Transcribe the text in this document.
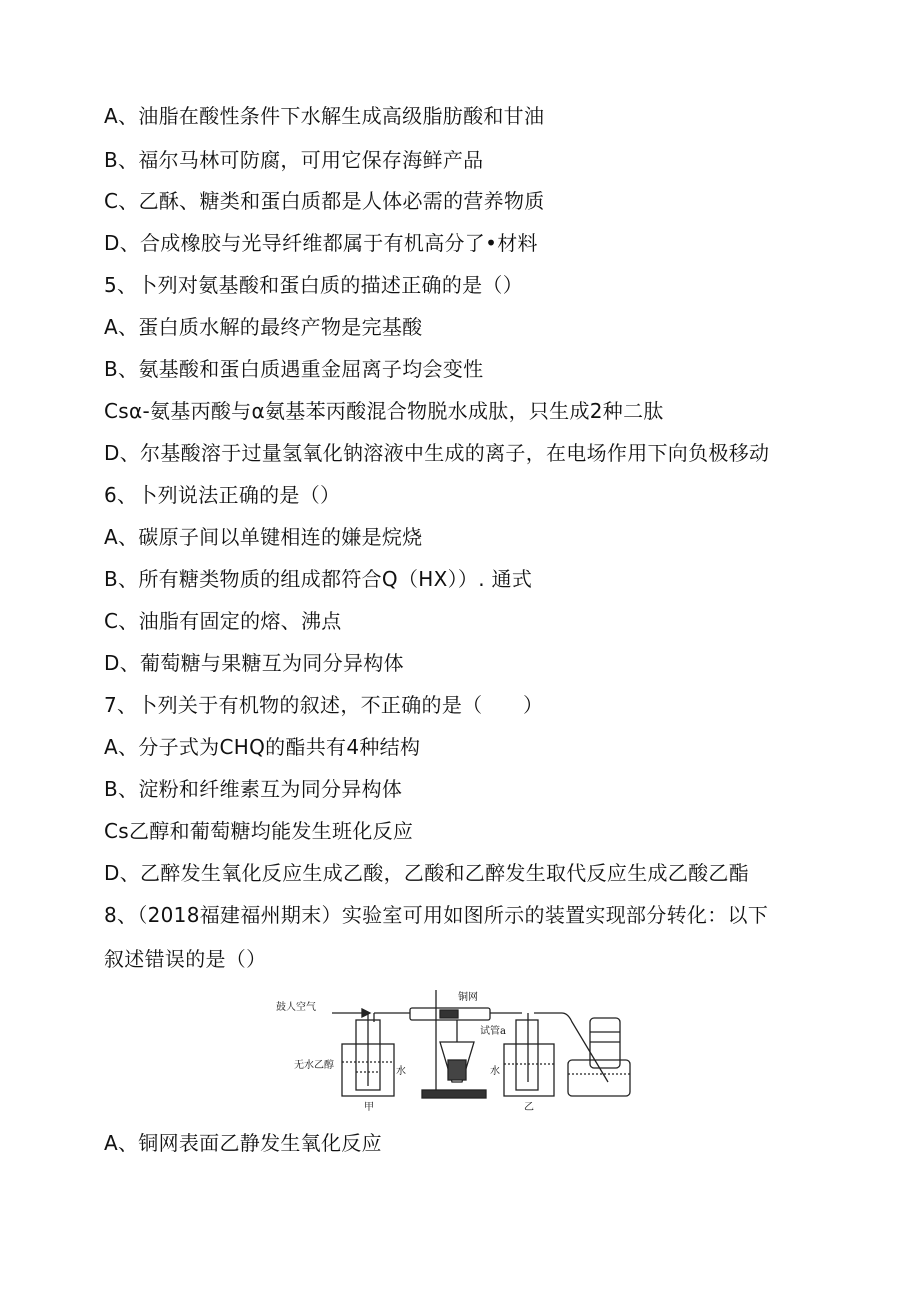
A、油脂在酸性条件下水解生成高级脂肪酸和甘油
B、福尔马林可防腐，可用它保存海鲜产品
C、乙酥、糖类和蛋白质都是人体必需的营养物质
D、合成橡胶与光导纤维都属于有机高分了•材料
5、卜列对氨基酸和蛋白质的描述正确的是（）
A、蛋白质水解的最终产物是完基酸
B、氨基酸和蛋白质遇重金屈离子均会变性
Csα-氨基丙酸与α氨基苯丙酸混合物脱水成肽，只生成2种二肽
D、尔基酸溶于过量氢氧化钠溶液中生成的离子，在电场作用下向负极移动
6、卜列说法正确的是（）
A、碳原子间以单键相连的嫌是烷烧
B、所有糖类物质的组成都符合Q（HX））. 通式
C、油脂有固定的熔、沸点
D、葡萄糖与果糖互为同分异构体
7、卜列关于有机物的叙述，不正确的是（　　）
A、分子式为CHQ的酯共有4种结构
B、淀粉和纤维素互为同分异构体
Cs乙醇和葡萄糖均能发生班化反应
D、乙醉发生氧化反应生成乙酸，乙酸和乙醉发生取代反应生成乙酸乙酯
8、（2018福建福州期末）实验室可用如图所示的装置实现部分转化：以下
叙述错误的是（）
鼓人空气
铜网
试管a
无水乙醇
水	水
甲	乙
A、铜网表面乙静发生氧化反应
